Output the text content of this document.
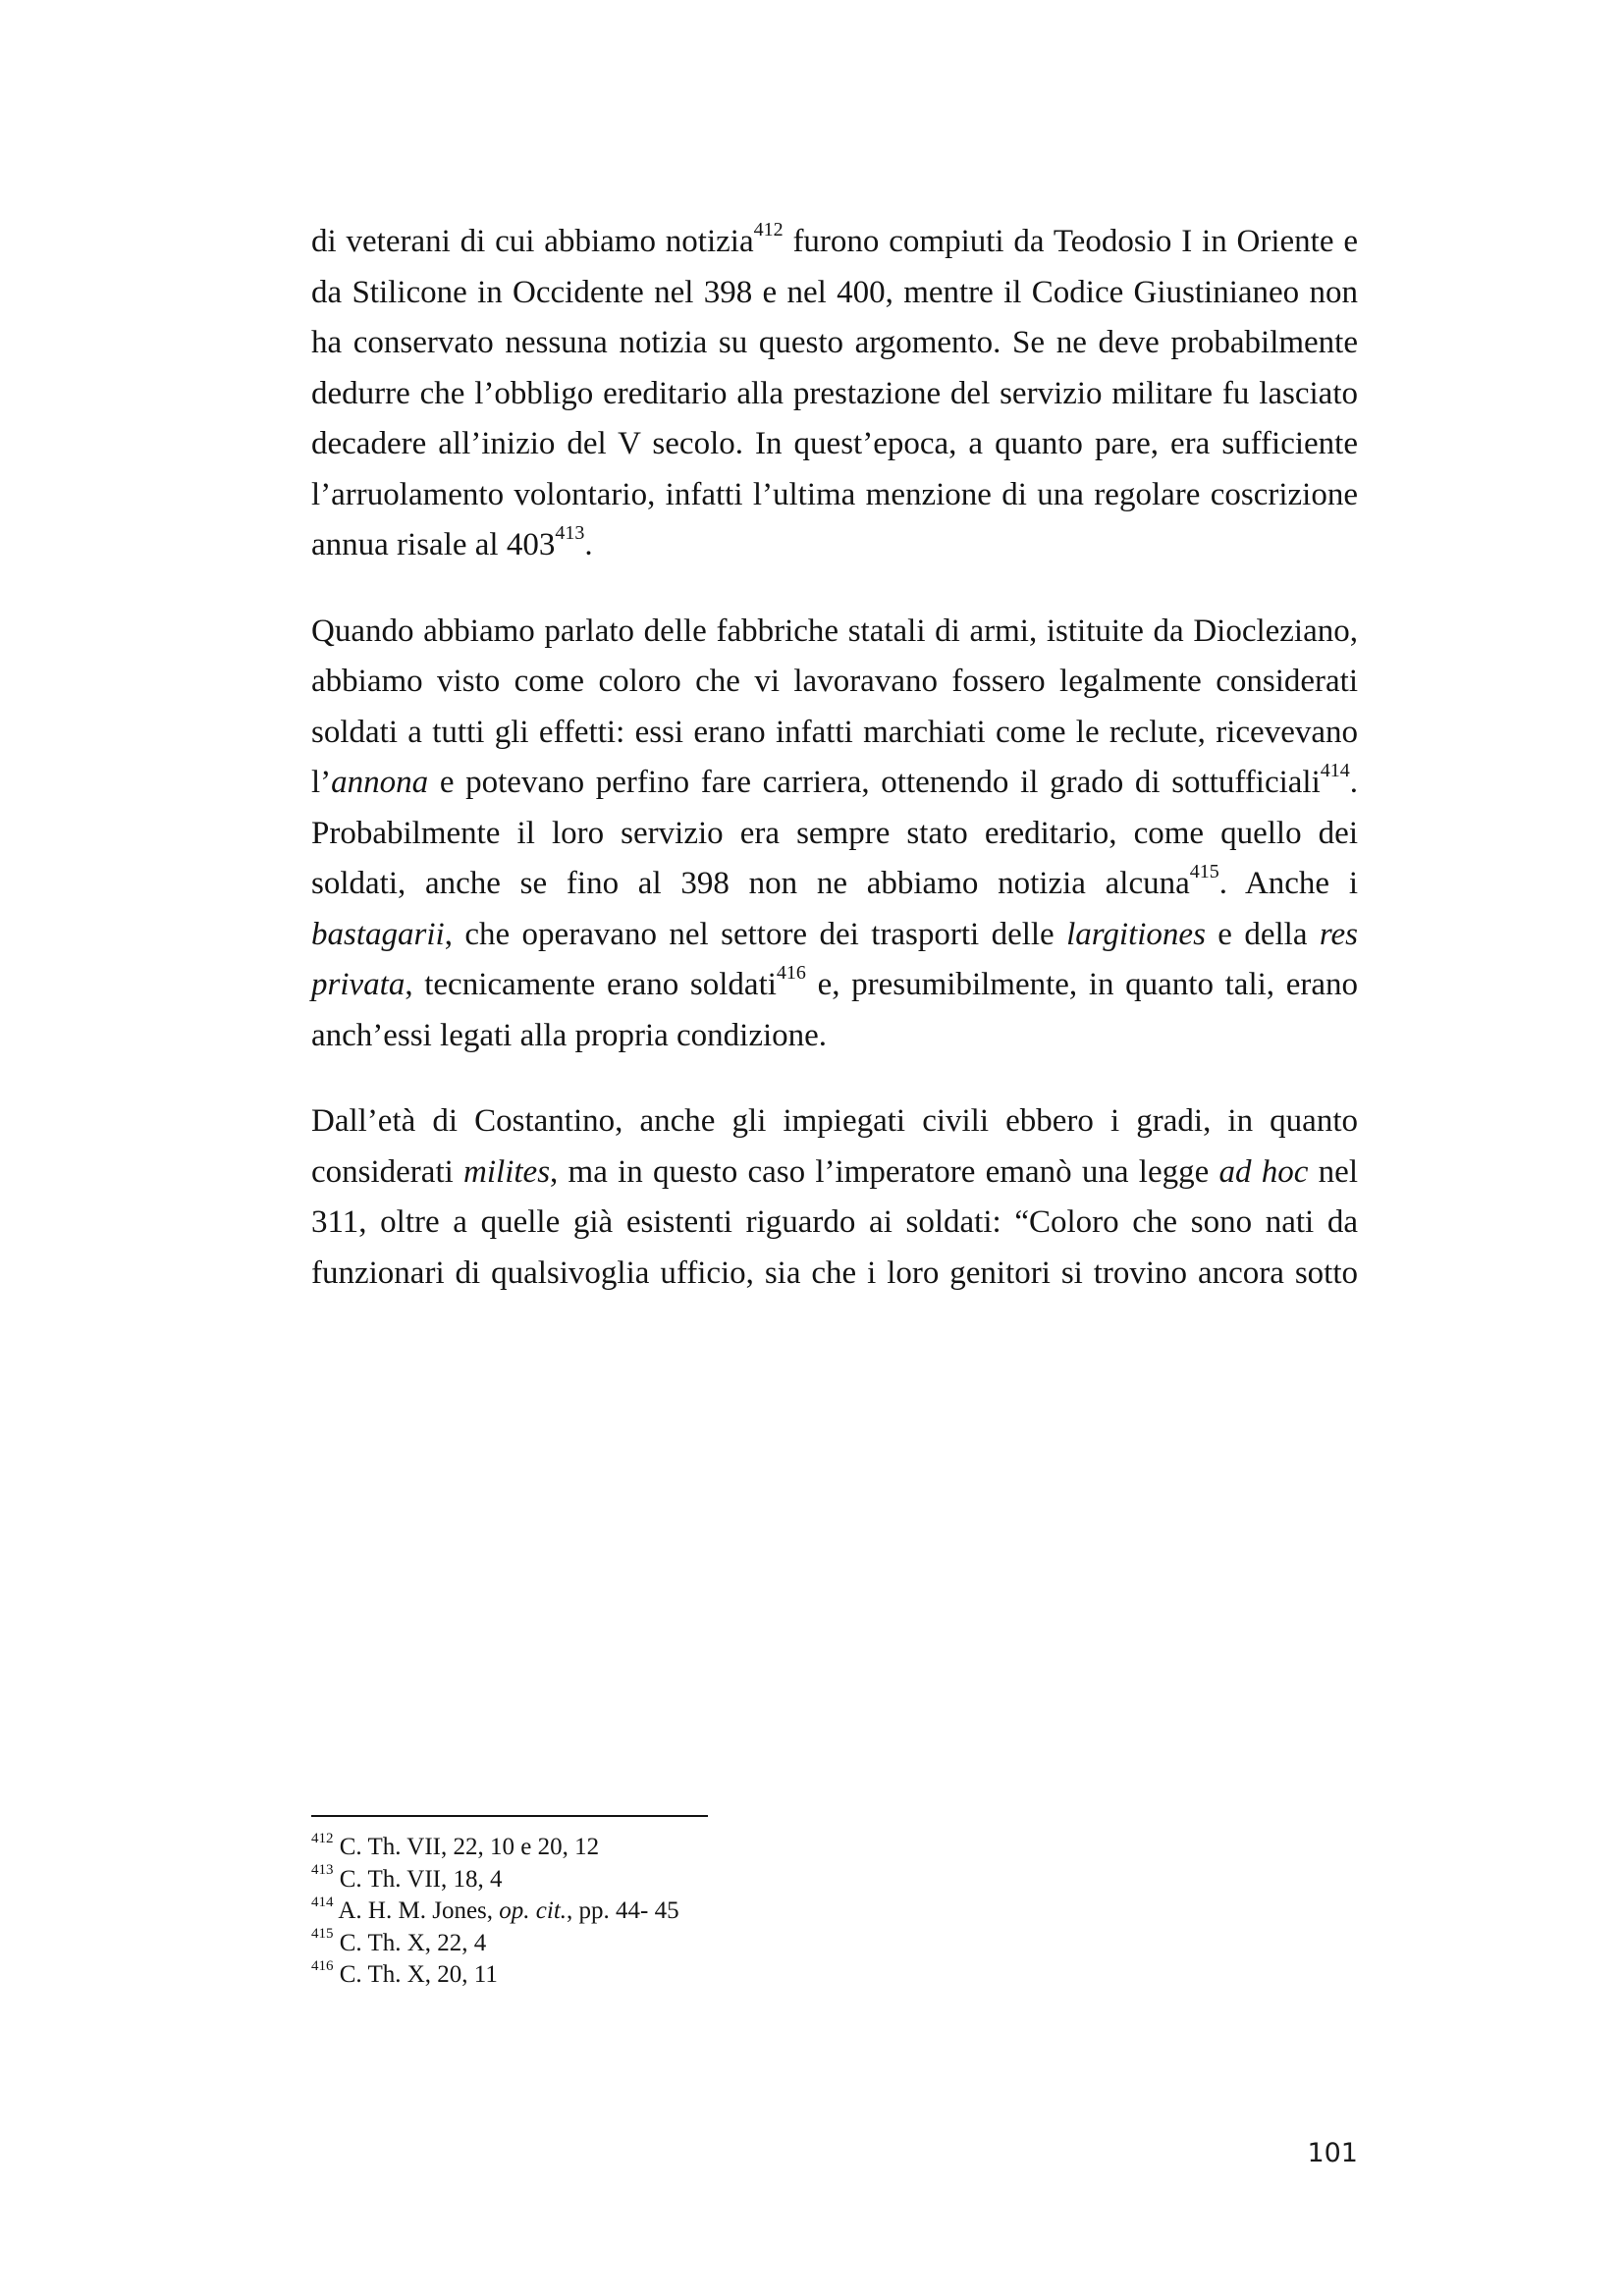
di veterani di cui abbiamo notizia$^{412}$ furono compiuti da Teodosio I in Oriente e
da Stilicone in Occidente nel 398 e nel 400, mentre il Codice Giustinianeo non
ha conservato nessuna notizia su questo argomento. Se ne deve probabilmente
dedurre che l’obbligo ereditario alla prestazione del servizio militare fu lasciato
decadere all’inizio del V secolo. In quest’epoca, a quanto pare, era sufficiente
l’arruolamento volontario, infatti l’ultima menzione di una regolare coscrizione
annua risale al $403^{413}$.
Quando abbiamo parlato delle fabbriche statali di armi, istituite da Diocleziano,
abbiamo visto come coloro che vi lavoravano fossero legalmente considerati
soldati a tutti gli effetti: essi erano infatti marchiati come le reclute, ricevevano
l’annona e potevano perfino fare carriera, ottenendo il grado di sottufficiali$^{414}$.
Probabilmente il loro servizio era sempre stato ereditario, come quello dei
soldati, anche se fino al 398 non ne abbiamo notizia alcuna$^{415}$. Anche i
bastagarii, che operavano nel settore dei trasporti delle largitiones e della res
privata, tecnicamente erano soldati$^{416}$ e, presumibilmente, in quanto tali, erano
anch’essi legati alla propria condizione.
Dall’età di Costantino, anche gli impiegati civili ebbero i gradi, in quanto
considerati milites, ma in questo caso l’imperatore emanò una legge ad hoc nel
311, oltre a quelle già esistenti riguardo ai soldati: “Coloro che sono nati da
funzionari di qualsivoglia ufficio, sia che i loro genitori si trovino ancora sotto
$^{412}$ C. Th. VII, 22, 10 e 20, 12
$^{413}$ C. Th. VII, 18, 4
$^{414}$ A. H. M. Jones, op. cit., pp. 44- 45
$^{415}$ C. Th. X, 22, 4
$^{416}$ C. Th. X, 20, 11
101
